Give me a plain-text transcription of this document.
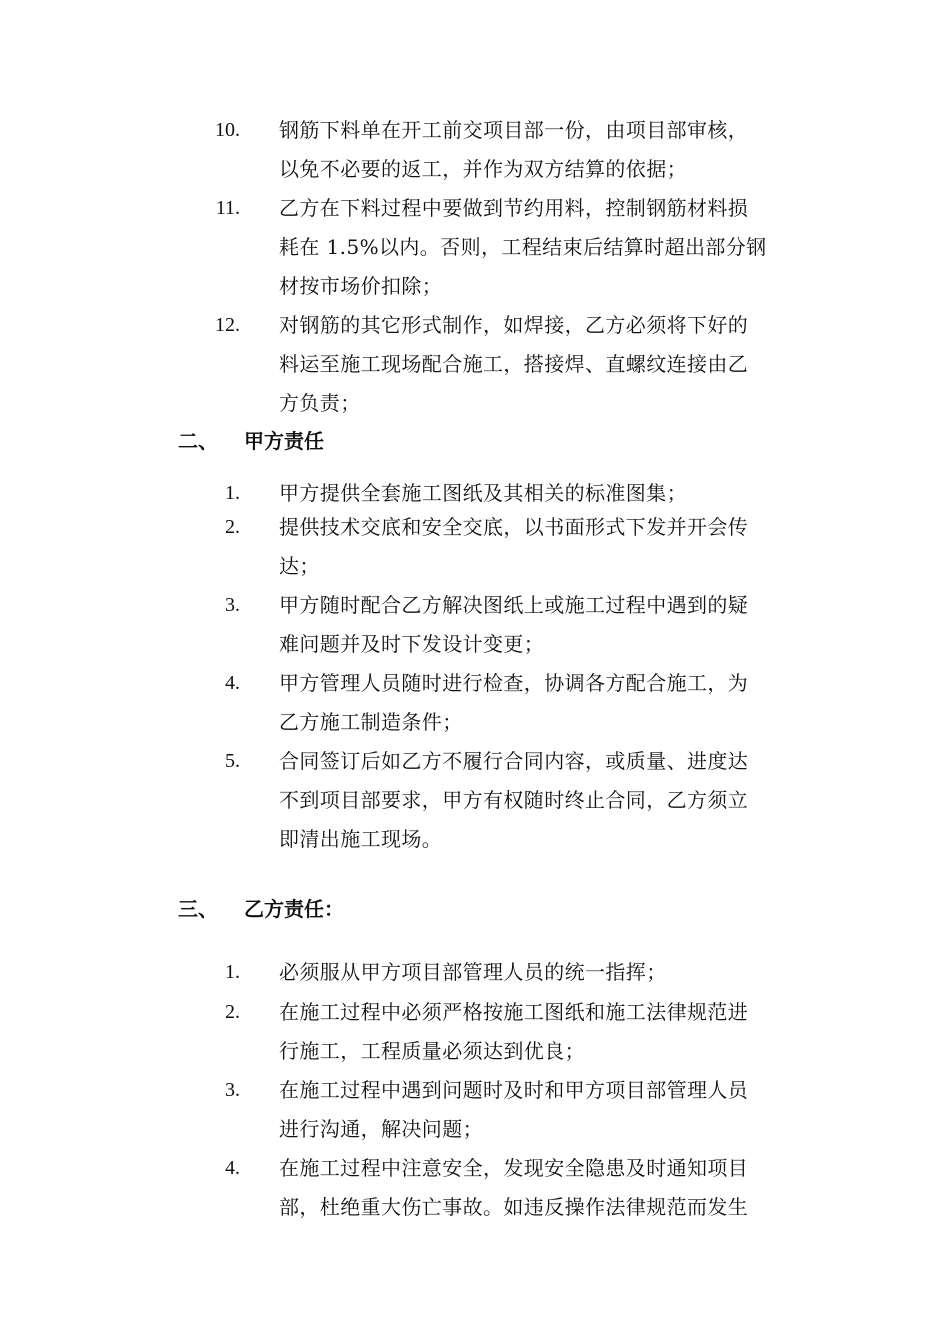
10. 钢筋下料单在开工前交项目部一份，由项目部审核，
以免不必要的返工，并作为双方结算的依据；
11. 乙方在下料过程中要做到节约用料，控制钢筋材料损
耗在 1.5%以内。否则，工程结束后结算时超出部分钢
材按市场价扣除；
12. 对钢筋的其它形式制作，如焊接，乙方必须将下好的
料运至施工现场配合施工，搭接焊、直螺纹连接由乙
方负责；
二、 甲方责任
1. 甲方提供全套施工图纸及其相关的标准图集；
2. 提供技术交底和安全交底，以书面形式下发并开会传
达；
3. 甲方随时配合乙方解决图纸上或施工过程中遇到的疑
难问题并及时下发设计变更；
4. 甲方管理人员随时进行检查，协调各方配合施工，为
乙方施工制造条件；
5. 合同签订后如乙方不履行合同内容，或质量、进度达
不到项目部要求，甲方有权随时终止合同，乙方须立
即清出施工现场。
三、 乙方责任：
1. 必须服从甲方项目部管理人员的统一指挥；
2. 在施工过程中必须严格按施工图纸和施工法律规范进
行施工，工程质量必须达到优良；
3. 在施工过程中遇到问题时及时和甲方项目部管理人员
进行沟通，解决问题；
4. 在施工过程中注意安全，发现安全隐患及时通知项目
部，杜绝重大伤亡事故。如违反操作法律规范而发生
